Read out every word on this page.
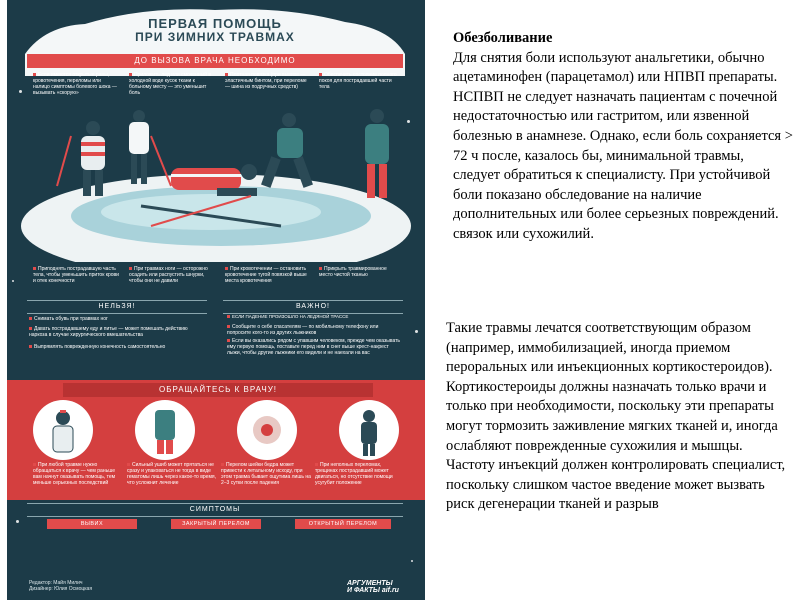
ПЕРВАЯ ПОМОЩЬ
ПРИ ЗИМНИХ ТРАВМАХ
ДО ВЫЗОВА ВРАЧА НЕОБХОДИМО
Если имеются открытые раны, кровотечения, переломы или налицо симптомы болевого шока — вызывать «скорую»
Приложить лед или смоченный в холодной воде кусок ткани к больному месту — это уменьшит боль
Плотная повязка (при вывихе — эластичным бинтом, при переломе — шина из подручных средств)
Обеспечить состояние полного покоя для пострадавшей части тела
Приподнять пострадавшую часть тела, чтобы уменьшить приток крови и отек конечности
При травмах ноги — осторожно осадить или распустить шнурки, чтобы они не давили
При кровотечении — остановить кровотечение тугой повязкой выше места кровотечения
Прикрыть травмированное место чистой тканью
НЕЛЬЗЯ!	ВАЖНО!
ЕСЛИ ПАДЕНИЕ ПРОИЗОШЛО НА ЛЕДЯНОЙ ТРАССЕ
Снимать обувь при травмах ног
Давать пострадавшему еду и питье — может помешать действию наркоза в случае хирургического вмешательства
Выпрямлять поврежденную конечность самостоятельно
Сообщите о себе спасателям — по мобильному телефону или попросите кого-то из других лыжников
Если вы оказались рядом с упавшим человеком, прежде чем оказывать ему первую помощь, поставьте перед ним в снег выше крест-накрест лыжи, чтобы другие лыжники его видели и не наехали на вас
ОБРАЩАЙТЕСЬ К ВРАЧУ!
При любой травме нужно обращаться к врачу — чем раньше вам начнут оказывать помощь, тем меньше серьезных последствий
Сильный ушиб может прятаться не сразу и упаковаться не тогда в виде гематомы лишь через какое-то время, что усложнит лечение
Перелом шейки бедра может привести к летальному исходу, при этом травма бывает ощутима лишь на 2–3 сутки после падения
При неполных переломах, трещинах пострадавший может двигаться, но отсутствие помощи усугубит положение
СИМПТОМЫ
ВЫВИХ	ЗАКРЫТЫЙ ПЕРЕЛОМ	ОТКРЫТЫЙ ПЕРЕЛОМ
Редактор: Майя Милич
Дизайнер: Юлия Осмоцкая
АРГУМЕНТЫ
И ФАКТЫ aif.ru
Обезболивание
Для снятия боли используют анальгетики, обычно ацетаминофен (парацетамол) или НПВП препараты. НСПВП не следует назначать пациентам с почечной недостаточностью или гастритом, или язвенной болезнью в анамнезе. Однако, если боль сохраняется > 72 ч после, казалось бы, минимальной травмы, следует обратиться к специалисту. При устойчивой боли показано обследование на наличие дополнительных или более серьезных повреждений. связок или сухожилий.
Такие травмы лечатся соответствующим образом
(например, иммобилизацией, иногда приемом
пероральных или инъекционных кортикостероидов).
Кортикостероиды должны назначать только врачи и
только при необходимости, поскольку эти препараты
могут тормозить заживление мягких тканей и, иногда
ослабляют поврежденные сухожилия и мышцы.
Частоту инъекций должен контролировать специалист,
поскольку слишком частое введение может вызвать
риск дегенерации тканей и разрыв
